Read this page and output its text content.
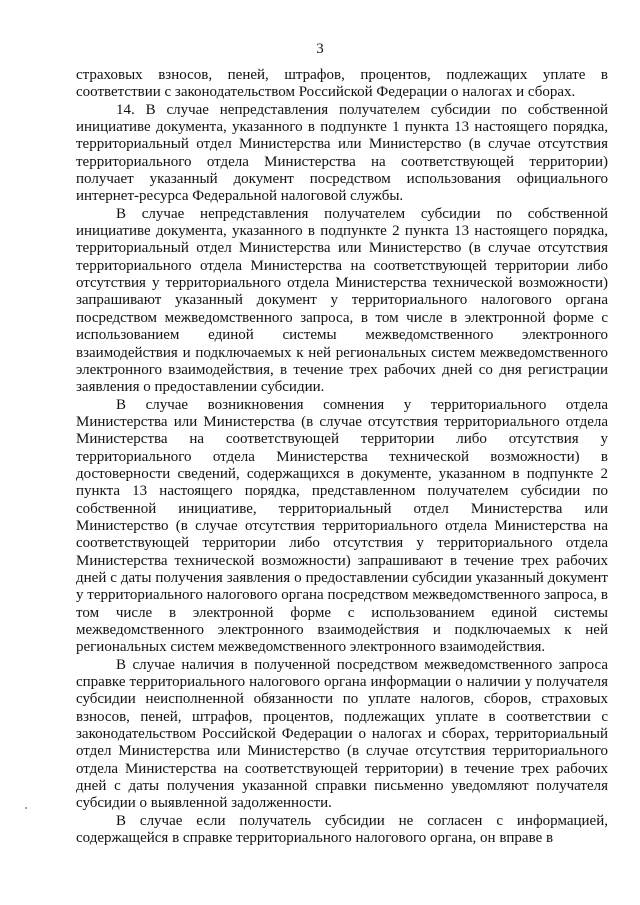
3

страховых взносов, пеней, штрафов, процентов, подлежащих уплате в соответствии с законодательством Российской Федерации о налогах и сборах.

14. В случае непредставления получателем субсидии по собственной инициативе документа, указанного в подпункте 1 пункта 13 настоящего порядка, территориальный отдел Министерства или Министерство (в случае отсутствия территориального отдела Министерства на соответствующей территории) получает указанный документ посредством использования официального интернет-ресурса Федеральной налоговой службы.

В случае непредставления получателем субсидии по собственной инициативе документа, указанного в подпункте 2 пункта 13 настоящего порядка, территориальный отдел Министерства или Министерство (в случае отсутствия территориального отдела Министерства на соответствующей территории либо отсутствия у территориального отдела Министерства технической возможности) запрашивают указанный документ у территориального налогового органа посредством межведомственного запроса, в том числе в электронной форме с использованием единой системы межведомственного электронного взаимодействия и подключаемых к ней региональных систем межведомственного электронного взаимодействия, в течение трех рабочих дней со дня регистрации заявления о предоставлении субсидии.

В случае возникновения сомнения у территориального отдела Министерства или Министерства (в случае отсутствия территориального отдела Министерства на соответствующей территории либо отсутствия у территориального отдела Министерства технической возможности) в достоверности сведений, содержащихся в документе, указанном в подпункте 2 пункта 13 настоящего порядка, представленном получателем субсидии по собственной инициативе, территориальный отдел Министерства или Министерство (в случае отсутствия территориального отдела Министерства на соответствующей территории либо отсутствия у территориального отдела Министерства технической возможности) запрашивают в течение трех рабочих дней с даты получения заявления о предоставлении субсидии указанный документ у территориального налогового органа посредством межведомственного запроса, в том числе в электронной форме с использованием единой системы межведомственного электронного взаимодействия и подключаемых к ней региональных систем межведомственного электронного взаимодействия.

В случае наличия в полученной посредством межведомственного запроса справке территориального налогового органа информации о наличии у получателя субсидии неисполненной обязанности по уплате налогов, сборов, страховых взносов, пеней, штрафов, процентов, подлежащих уплате в соответствии с законодательством Российской Федерации о налогах и сборах, территориальный отдел Министерства или Министерство (в случае отсутствия территориального отдела Министерства на соответствующей территории) в течение трех рабочих дней с даты получения указанной справки письменно уведомляют получателя субсидии о выявленной задолженности.

В случае если получатель субсидии не согласен с информацией, содержащейся в справке территориального налогового органа, он вправе в
